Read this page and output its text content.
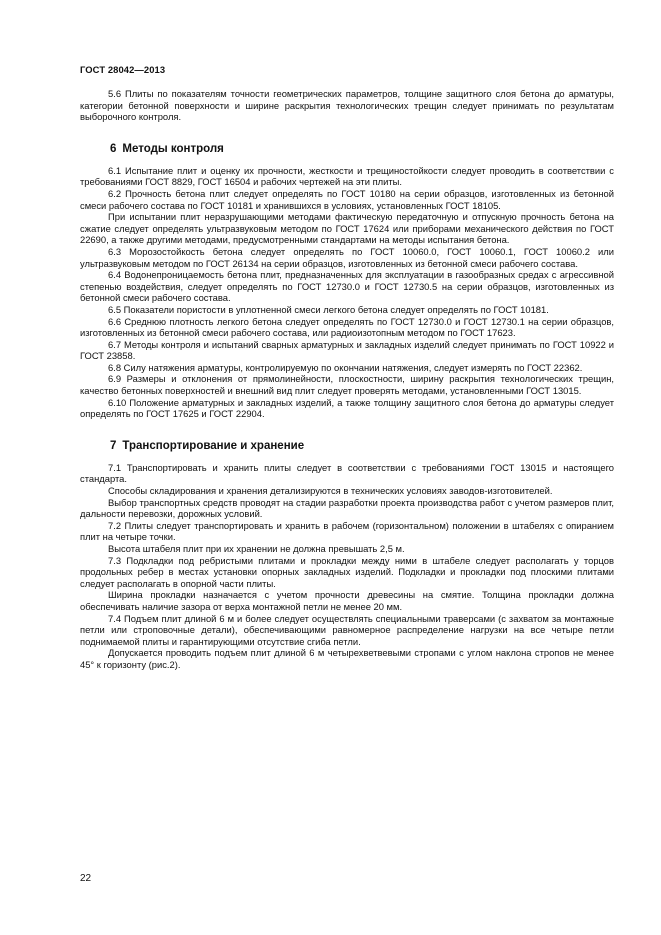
ГОСТ 28042—2013

5.6 Плиты по показателям точности геометрических параметров, толщине защитного слоя бетона до арматуры, категории бетонной поверхности и ширине раскрытия технологических трещин следует принимать по результатам выборочного контроля.

6 Методы контроля

6.1 Испытание плит и оценку их прочности, жесткости и трещиностойкости следует проводить в соответствии с требованиями ГОСТ 8829, ГОСТ 16504 и рабочих чертежей на эти плиты.

6.2 Прочность бетона плит следует определять по ГОСТ 10180 на серии образцов, изготовленных из бетонной смеси рабочего состава по ГОСТ 10181 и хранившихся в условиях, установленных ГОСТ 18105.

При испытании плит неразрушающими методами фактическую передаточную и отпускную прочность бетона на сжатие следует определять ультразвуковым методом по ГОСТ 17624 или приборами механического действия по ГОСТ 22690, а также другими методами, предусмотренными стандартами на методы испытания бетона.

6.3 Морозостойкость бетона следует определять по ГОСТ 10060.0, ГОСТ 10060.1, ГОСТ 10060.2 или ультразвуковым методом по ГОСТ 26134 на серии образцов, изготовленных из бетонной смеси рабочего состава.

6.4 Водонепроницаемость бетона плит, предназначенных для эксплуатации в газообразных средах с агрессивной степенью воздействия, следует определять по ГОСТ 12730.0 и ГОСТ 12730.5 на серии образцов, изготовленных из бетонной смеси рабочего состава.

6.5 Показатели пористости в уплотненной смеси легкого бетона следует определять по ГОСТ 10181.

6.6 Среднюю плотность легкого бетона следует определять по ГОСТ 12730.0 и ГОСТ 12730.1 на серии образцов, изготовленных из бетонной смеси рабочего состава, или радиоизотопным методом по ГОСТ 17623.

6.7 Методы контроля и испытаний сварных арматурных и закладных изделий следует принимать по ГОСТ 10922 и ГОСТ 23858.

6.8 Силу натяжения арматуры, контролируемую по окончании натяжения, следует измерять по ГОСТ 22362.

6.9 Размеры и отклонения от прямолинейности, плоскостности, ширину раскрытия технологических трещин, качество бетонных поверхностей и внешний вид плит следует проверять методами, установленными ГОСТ 13015.

6.10 Положение арматурных и закладных изделий, а также толщину защитного слоя бетона до арматуры следует определять по ГОСТ 17625 и ГОСТ 22904.

7 Транспортирование и хранение

7.1 Транспортировать и хранить плиты следует в соответствии с требованиями ГОСТ 13015 и настоящего стандарта.

Способы складирования и хранения детализируются в технических условиях заводов-изготовителей.

Выбор транспортных средств проводят на стадии разработки проекта производства работ с учетом размеров плит, дальности перевозки, дорожных условий.

7.2 Плиты следует транспортировать и хранить в рабочем (горизонтальном) положении в штабелях с опиранием плит на четыре точки.

Высота штабеля плит при их хранении не должна превышать 2,5 м.

7.3 Подкладки под ребристыми плитами и прокладки между ними в штабеле следует располагать у торцов продольных ребер в местах установки опорных закладных изделий. Подкладки и прокладки под плоскими плитами следует располагать в опорной части плиты.

Ширина прокладки назначается с учетом прочности древесины на смятие. Толщина прокладки должна обеспечивать наличие зазора от верха монтажной петли не менее 20 мм.

7.4 Подъем плит длиной 6 м и более следует осуществлять специальными траверсами (с захватом за монтажные петли или строповочные детали), обеспечивающими равномерное распределение нагрузки на все четыре петли поднимаемой плиты и гарантирующими отсутствие сгиба петли.

Допускается проводить подъем плит длиной 6 м четырехветвевыми стропами с углом наклона стропов не менее 45° к горизонту (рис.2).

22
